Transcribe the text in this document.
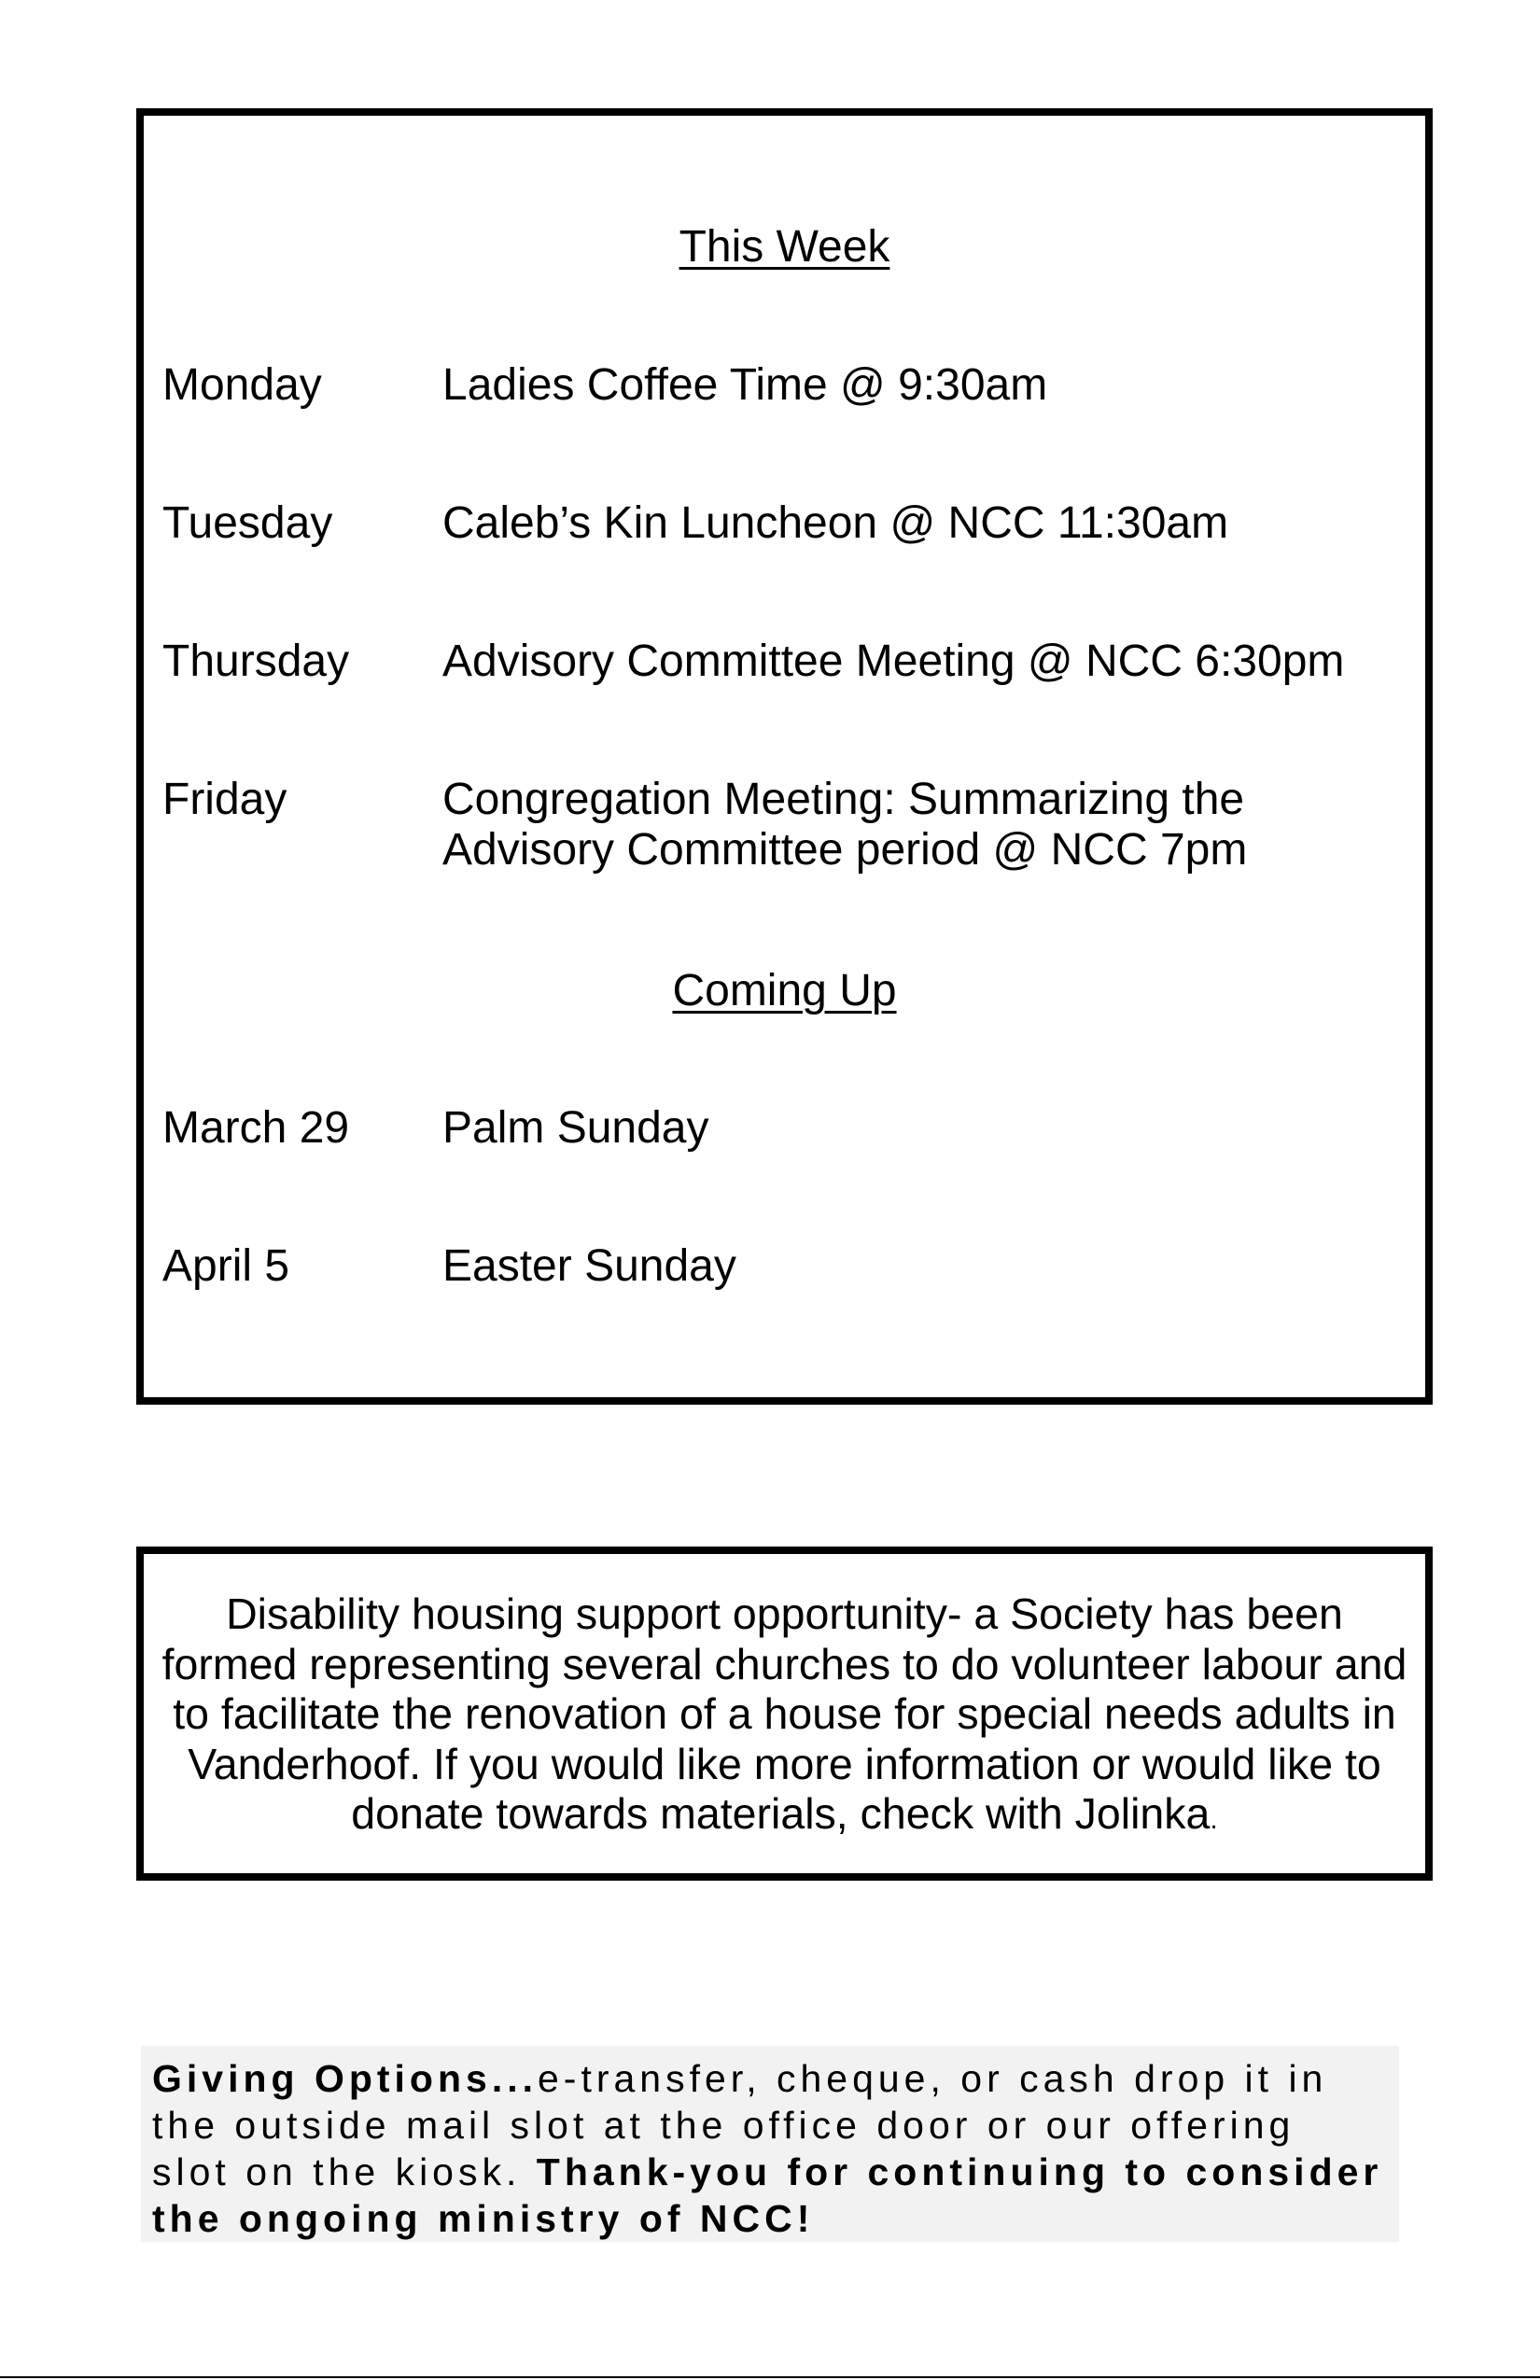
This Week
Monday	Ladies Coffee Time @ 9:30am
Tuesday	Caleb’s Kin Luncheon @ NCC 11:30am
Thursday	Advisory Committee Meeting @ NCC 6:30pm
Friday	Congregation Meeting: Summarizing the Advisory Committee period @ NCC 7pm
Coming Up
March 29	Palm Sunday
April 5	Easter Sunday
Disability housing support opportunity- a Society has been formed representing several churches to do volunteer labour and to facilitate the renovation of a house for special needs adults in Vanderhoof. If you would like more information or would like to donate towards materials, check with Jolinka.
Giving Options...e-transfer, cheque, or cash drop it in the outside mail slot at the office door or our offering slot on the kiosk. Thank-you for continuing to consider the ongoing ministry of NCC!
